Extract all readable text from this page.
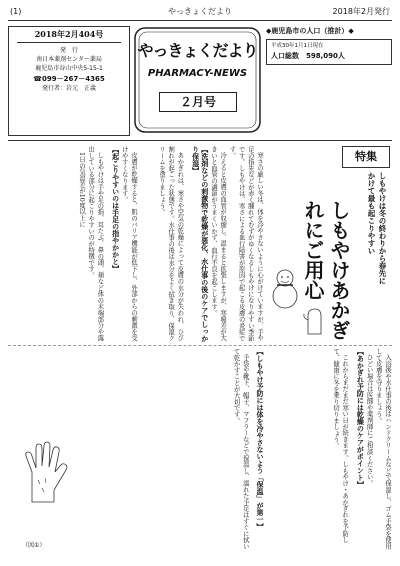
(1)	やっきょくだより	2018年2月発行
2018年2月404号
発　行
南日本薬剤センター薬局
鹿児島市谷山中央5-15-1
☎099－267－4365
発行者：岩元　正義
やっきょくだより
PHARMACY-NEWS
２月号
◆鹿児島市の人口（推計）◆
平成30年1月1日現在
人口総数　 598,090人
特集
しもやけは冬の終わりから春先にかけて最も起こりやすい
しもやけあかぎれにご用心

寒さの厳しい冬は、体を冷やさないように心がけていますが、手や足の指先などが赤く腫れてむずがゆくなるしもやけになりやすい季節です。しもやけは、寒さによる血行障害が原因で起こる皮膚の炎症です。

冷えると皮膚の血管が収縮し、温まると拡張しますが、寒暖差が大きいと血管の調節がうまくいかず、血行不良を起こします。

【洗剤などの刺激物で乾燥が悪化、水仕事の後のケアでしっかり保湿】

あかぎれは、寒さや空気の乾燥によって皮膚の水分が失われ、ひび割れが起こった状態です。水仕事の後は水分をよく拭き取り、保湿クリームを塗りましょう。

皮膚が乾燥すると、肌のバリア機能が低下し、外部からの刺激を受けやすくなります。

【起こりやすいのは手足の指やかかと】

しもやけは手や足の指、耳たぶ、鼻の頭、頬など体の末端部分や露出している部分に起こりやすいのが特徴です。

1日の気温差が10度以上に

入浴後や水仕事の後はハンドクリームなどで保湿し、ゴム手袋を使用して皮膚を守りましょう。

ひどい場合は医師や薬剤師にご相談ください。

【あかぎれ予防には乾燥のケアがポイント】

これからまだまだ寒い日が続きます。しもやけ・あかぎれを予防して、健康に冬を乗り切りましょう。

【しもやけ予防には体を冷やさないよう「保温」が第一】

手袋や靴下、帽子、マフラーなどで保温し、濡れた手足はすぐに拭いて乾かすことが大切です。

（図①）
